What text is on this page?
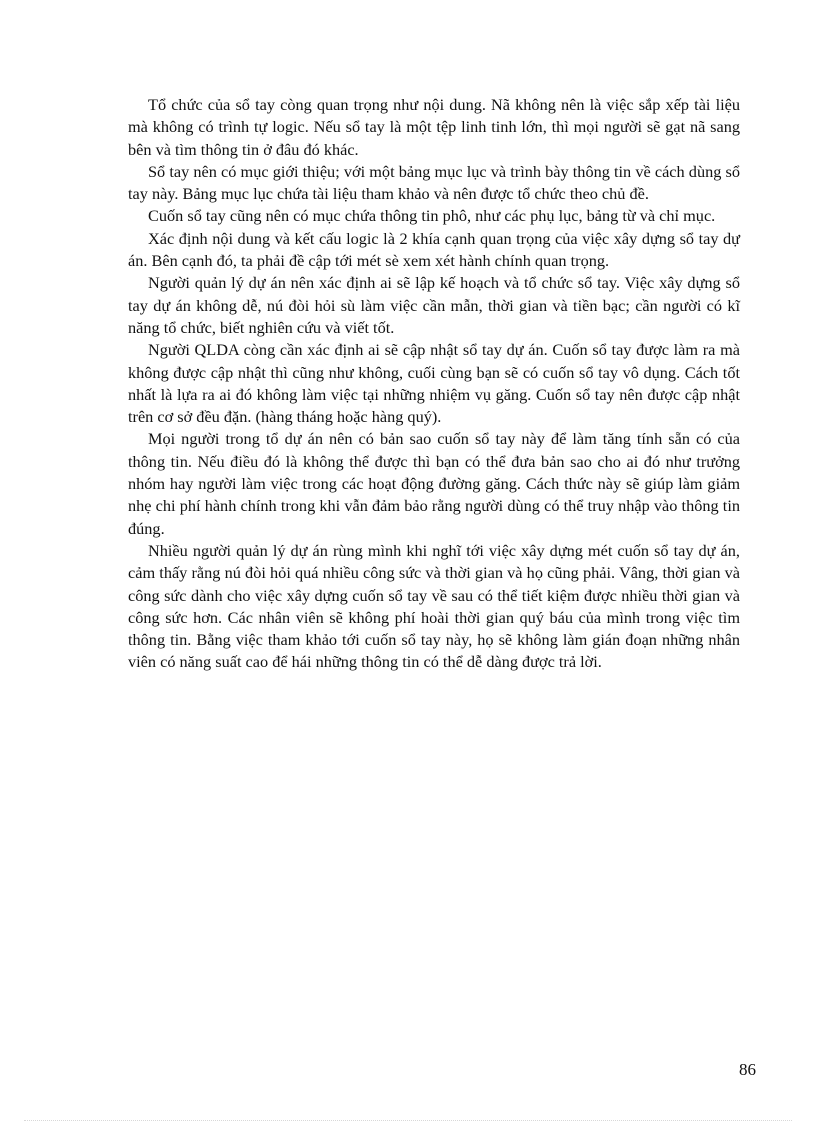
Tổ chức của sổ tay còng quan trọng như nội dung. Nã không nên là việc sắp xếp tài liệu mà không có trình tự logic. Nếu sổ tay là một tệp linh tinh lớn, thì mọi người sẽ gạt nã sang bên và tìm thông tin ở đâu đó khác.

Sổ tay nên có mục giới thiệu; với một bảng mục lục và trình bày thông tin về cách dùng sổ tay này. Bảng mục lục chứa tài liệu tham khảo và nên được tổ chức theo chủ đề.

Cuốn sổ tay cũng nên có mục chứa thông tin phô, như các phụ lục, bảng từ và chỉ mục.

Xác định nội dung và kết cấu logic là 2 khía cạnh quan trọng của việc xây dựng sổ tay dự án. Bên cạnh đó, ta phải đề cập tới mét sè xem xét hành chính quan trọng.

Người quản lý dự án nên xác định ai sẽ lập kế hoạch và tổ chức sổ tay. Việc xây dựng sổ tay dự án không dễ, nú đòi hỏi sù làm việc cần mẫn, thời gian và tiền bạc; cần người có kĩ năng tổ chức, biết nghiên cứu và viết tốt.

Người QLDA còng cần xác định ai sẽ cập nhật sổ tay dự án. Cuốn sổ tay được làm ra mà không được cập nhật thì cũng như không, cuối cùng bạn sẽ có cuốn sổ tay vô dụng. Cách tốt nhất là lựa ra ai đó không làm việc tại những nhiệm vụ găng. Cuốn sổ tay nên được cập nhật trên cơ sở đều đặn. (hàng tháng hoặc hàng quý).

Mọi người trong tổ dự án nên có bản sao cuốn sổ tay này để làm tăng tính sẵn có của thông tin. Nếu điều đó là không thể được thì bạn có thể đưa bản sao cho ai đó như trưởng nhóm hay người làm việc trong các hoạt động đường găng. Cách thức này sẽ giúp làm giảm nhẹ chi phí hành chính trong khi vẫn đảm bảo rằng người dùng có thể truy nhập vào thông tin đúng.

Nhiều người quản lý dự án rùng mình khi nghĩ tới việc xây dựng mét cuốn sổ tay dự án, cảm thấy rằng nú đòi hỏi quá nhiều công sức và thời gian và họ cũng phải. Vâng, thời gian và công sức dành cho việc xây dựng cuốn sổ tay về sau có thể tiết kiệm được nhiều thời gian và công sức hơn. Các nhân viên sẽ không phí hoài thời gian quý báu của mình trong việc tìm thông tin. Bằng việc tham khảo tới cuốn sổ tay này, họ sẽ không làm gián đoạn những nhân viên có năng suất cao để hái những thông tin có thể dễ dàng được trả lời.

86
